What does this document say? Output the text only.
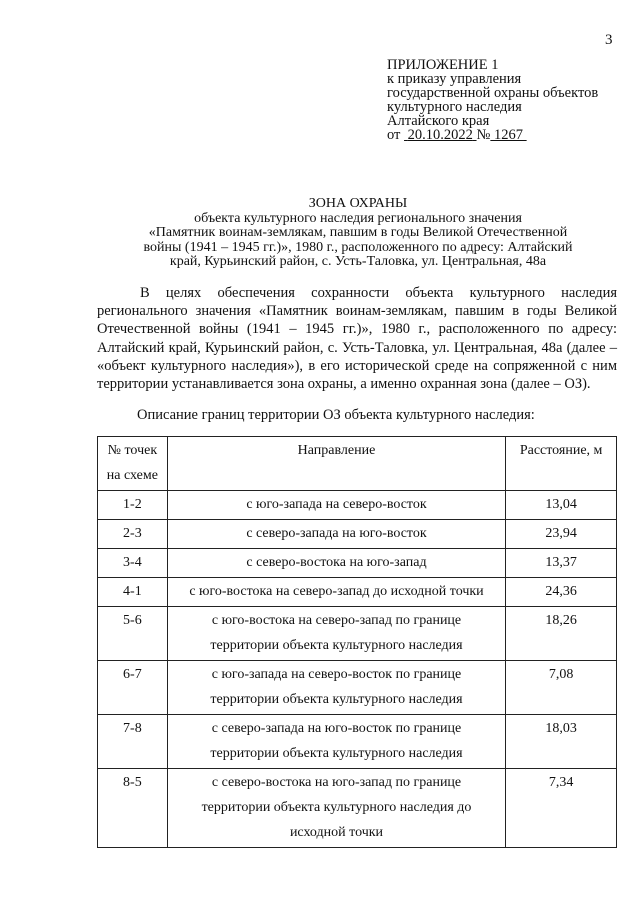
3
ПРИЛОЖЕНИЕ 1
к приказу управления
государственной охраны объектов
культурного наследия
Алтайского края
от 20.10.2022 № 1267
ЗОНА ОХРАНЫ
объекта культурного наследия регионального значения
«Памятник воинам-землякам, павшим в годы Великой Отечественной
войны (1941 – 1945 гг.)», 1980 г., расположенного по адресу: Алтайский
край, Курьинский район, с. Усть-Таловка, ул. Центральная, 48а
В целях обеспечения сохранности объекта культурного наследия регионального значения «Памятник воинам-землякам, павшим в годы Великой Отечественной войны (1941 – 1945 гг.)», 1980 г., расположенного по адресу: Алтайский край, Курьинский район, с. Усть-Таловка, ул. Центральная, 48а (далее – «объект культурного наследия»), в его исторической среде на сопряженной с ним территории устанавливается зона охраны, а именно охранная зона (далее – ОЗ).
Описание границ территории ОЗ объекта культурного наследия:
№ точек
на схеме	Направление	Расстояние, м

1-2	с юго-запада на северо-восток	13,04

2-3	с северо-запада на юго-восток	23,94

3-4	с северо-востока на юго-запад	13,37

4-1	с юго-востока на северо-запад до исходной точки	24,36

5-6	с юго-востока на северо-запад по границе
территории объекта культурного наследия	18,26

6-7	с юго-запада на северо-восток по границе
территории объекта культурного наследия	7,08

7-8	с северо-запада на юго-восток по границе
территории объекта культурного наследия	18,03

8-5	с северо-востока на юго-запад по границе
территории объекта культурного наследия до
исходной точки	7,34
